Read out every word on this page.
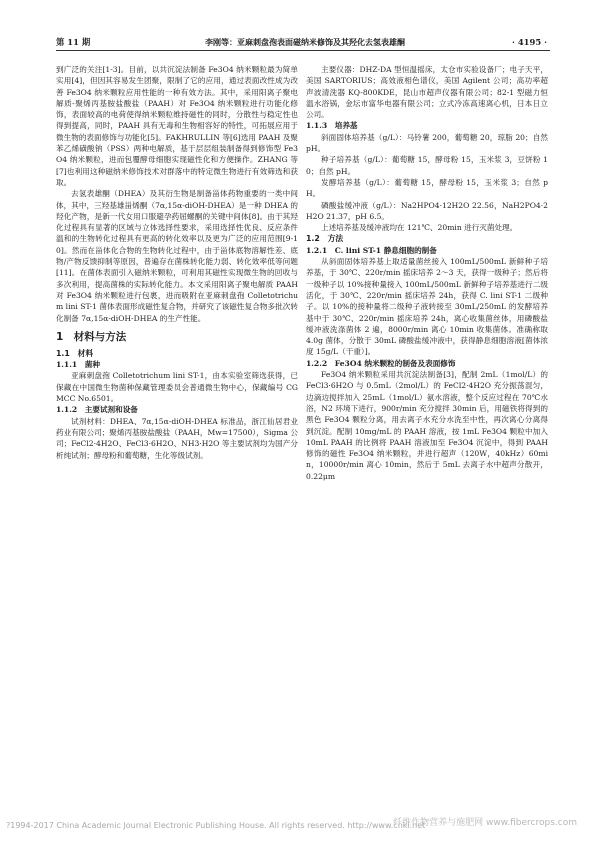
第 11 期	李刚等：亚麻刺盘孢表面磁纳米修饰及其羟化去氢表雄酮	· 4195 ·

到广泛的关注[1-3]。目前，以共沉淀法制备 Fe3O4 纳米颗粒最为简单实用[4]，但因其容易发生团聚，限制了它的应用，通过表面改性成为改善 Fe3O4 纳米颗粒应用性能的一种有效方法。其中，采用阳离子聚电解质-聚烯丙基胺盐酸盐（PAAH）对 Fe3O4 纳米颗粒进行功能化修饰，表面较高的电荷使得纳米颗粒维持磁性的同时，分散性与稳定性也得到提高，同时，PAAH 具有无毒和生物相容好的特性，可拓展应用于微生物的表面修饰与功能化[5]。FAKHRULLIN 等[6]选用 PAAH 及聚苯乙烯磺酸钠（PSS）两种电解质，基于层层组装制备得到修饰型 Fe3O4 纳米颗粒，进而包覆酵母细胞实现磁性化和方便操作。ZHANG 等[7]也利用这种磁纳米修饰技术对群落中的特定微生物进行有效筛选和获取。

去氢表雄酮（DHEA）及其衍生物是制备甾体药物重要的一类中间体，其中，三羟基雄甾烯酮（7α,15α-diOH-DHEA）是一种 DHEA 的羟化产物，是新一代女用口服避孕药屈螺酮的关键中间体[8]。由于其羟化过程具有显著的区域与立体选择性要求，采用选择性优良、反应条件温和的生物转化过程具有更高的转化效率以及更为广泛的应用范围[9-10]。然而在甾体化合物的生物转化过程中，由于甾体底物溶解性差、底物/产物反馈抑制等原因，普遍存在菌株转化能力弱、转化效率低等问题[11]。在菌体表面引入磁纳米颗粒，可利用其磁性实现微生物的回收与多次利用，提高菌株的实际转化能力。本文采用阳离子聚电解质 PAAH 对 Fe3O4 纳米颗粒进行包裹，进而吸附在亚麻刺盘孢 Colletotrichum lini ST-1 菌体表面形成磁性复合物，并研究了该磁性复合物多批次转化制备 7α,15α-diOH-DHEA 的生产性能。

1　材料与方法
1.1　材料
1.1.1　菌种

亚麻刺盘孢 Colletotrichum lini ST-1，由本实验室筛选获得，已保藏在中国微生物菌种保藏管理委员会普通微生物中心，保藏编号 CGMCC No.6501。

1.1.2　主要试剂和设备

试剂材料：DHEA、7α,15α-diOH-DHEA 标准品，浙江仙居君业药业有限公司；聚烯丙基胺盐酸盐（PAAH，Mw=17500），Sigma 公司；FeCl2·4H2O、FeCl3·6H2O、NH3·H2O 等主要试剂均为国产分析纯试剂；酵母粉和葡萄糖，生化等级试剂。

主要仪器：DHZ-DA 型恒温摇床，太仓市实验设备厂；电子天平，美国 SARTORIUS；高效液相色谱仪，美国 Agilent 公司；高功率超声波清洗器 KQ-800KDE，昆山市超声仪器有限公司；82-1 型磁力恒温水浴锅，金坛市富华电器有限公司；立式冷冻高速离心机，日本日立公司。

1.1.3　培养基

斜面固体培养基（g/L）：马铃薯 200，葡萄糖 20，琼脂 20；自然 pH。

种子培养基（g/L）：葡萄糖 15，酵母粉 15，玉米浆 3，豆饼粉 10；自然 pH。

发酵培养基（g/L）：葡萄糖 15，酵母粉 15，玉米浆 3；自然 pH。

磷酸盐缓冲液（g/L）：Na2HPO4·12H2O 22.56，NaH2PO4·2H2O 21.37，pH 6.5。

上述培养基及缓冲液均在 121℃、20min 进行灭菌处理。

1.2　方法
1.2.1　C. lini ST-1 静息细胞的制备

从斜面固体培养基上取适量菌丝接入 100mL/500mL 新鲜种子培养基，于 30℃、220r/min 摇床培养 2～3 天，获得一级种子；然后将一级种子以 10%接种量接入 100mL/500mL 新鲜种子培养基进行二级活化，于 30℃、220r/min 摇床培养 24h，获得 C. lini ST-1 二级种子。以 10%的接种量将二级种子液转接至 30mL/250mL 的发酵培养基中于 30℃、220r/min 摇床培养 24h，离心收集菌丝体，用磷酸盐缓冲液洗涤菌体 2 遍，8000r/min 离心 10min 收集菌体。准确称取 4.0g 菌体，分散于 30mL 磷酸盐缓冲液中，获得静息细胞溶液[菌体浓度 15g/L（干重）]。

1.2.2　Fe3O4 纳米颗粒的制备及表面修饰

Fe3O4 纳米颗粒采用共沉淀法制备[3]，配制 2mL（1mol/L）的 FeCl3·6H2O 与 0.5mL（2mol/L）的 FeCl2·4H2O 充分振荡混匀，边滴边搅拌加入 25mL（1mol/L）氨水溶液，整个反应过程在 70℃水浴，N2 环境下进行，900r/min 充分搅拌 30min 后，用磁铁将得到的黑色 Fe3O4 颗粒分离，用去离子水充分水洗至中性，再次离心分离得到沉淀。配制 10mg/mL 的 PAAH 溶液，按 1mL Fe3O4 颗粒中加入 10mL PAAH 的比例将 PAAH 溶液加至 Fe3O4 沉淀中，得到 PAAH 修饰的磁性 Fe3O4 纳米颗粒，并进行超声（120W，40kHz）60min，10000r/min 离心 10min，然后于 5mL 去离子水中超声分散开，0.22μm

?1994-2017 China Academic Journal Electronic Publishing House. All rights reserved. http://www.cnki.net
纤维作物营养与施肥网 www.fibercrops.com
